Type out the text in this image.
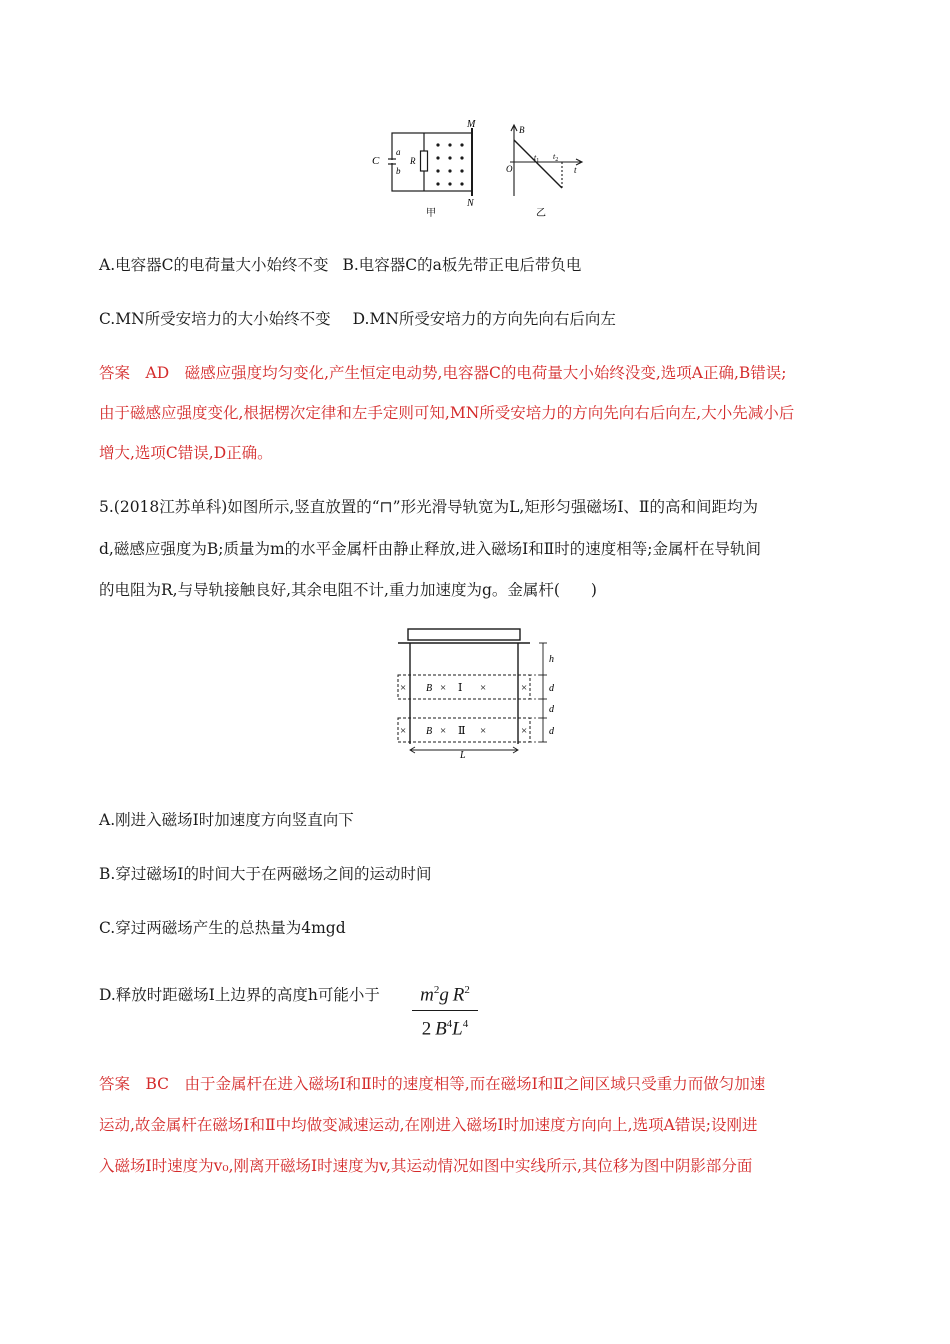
C
a
b
R
M
N
甲
B
O
$t_1$ $t_2$
t
乙
A.电容器C的电荷量大小始终不变 B.电容器C的a板先带正电后带负电
C.MN所受安培力的大小始终不变 D.MN所受安培力的方向先向右后向左
答案　AD　磁感应强度均匀变化,产生恒定电动势,电容器C的电荷量大小始终没变,选项A正确,B错误;
由于磁感应强度变化,根据楞次定律和左手定则可知,MN所受安培力的方向先向右后向左,大小先减小后
增大,选项C错误,D正确。
5.(2018江苏单科)如图所示,竖直放置的“⊓”形光滑导轨宽为L,矩形匀强磁场Ⅰ、Ⅱ的高和间距均为
d,磁感应强度为B;质量为m的水平金属杆由静止释放,进入磁场Ⅰ和Ⅱ时的速度相等;金属杆在导轨间
的电阻为R,与导轨接触良好,其余电阻不计,重力加速度为g。金属杆(　　)
h
d
d
d
L
× B × Ⅰ ×	×
× B × Ⅱ ×	×
A.刚进入磁场Ⅰ时加速度方向竖直向下
B.穿过磁场Ⅰ的时间大于在两磁场之间的运动时间
C.穿过两磁场产生的总热量为4mgd
D.释放时距磁场Ⅰ上边界的高度h可能小于 $\frac{m^2g R^2}{2 B^4L^4}$
答案　BC　由于金属杆在进入磁场Ⅰ和Ⅱ时的速度相等,而在磁场Ⅰ和Ⅱ之间区域只受重力而做匀加速
运动,故金属杆在磁场Ⅰ和Ⅱ中均做变减速运动,在刚进入磁场Ⅰ时加速度方向向上,选项A错误;设刚进
入磁场Ⅰ时速度为v₀,刚离开磁场Ⅰ时速度为v,其运动情况如图中实线所示,其位移为图中阴影部分面
